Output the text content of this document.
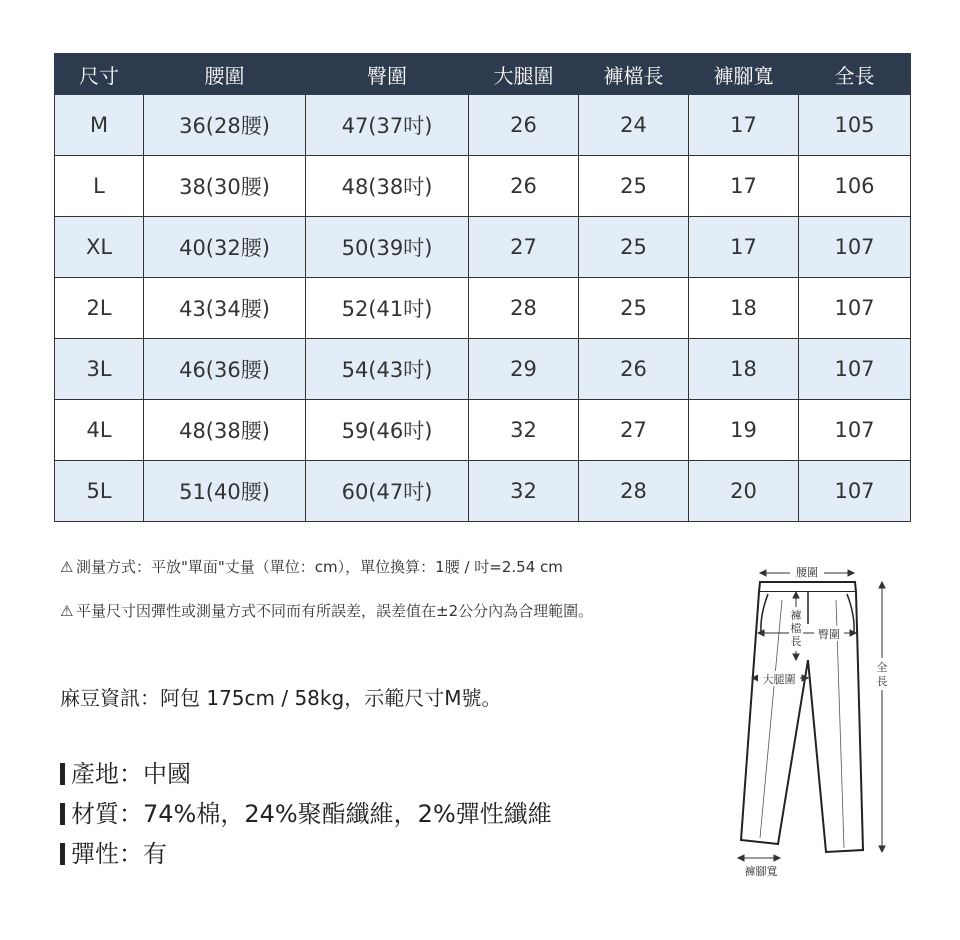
尺寸	腰圍	臀圍	大腿圍	褲檔長	褲腳寬	全長
M	36(28腰)	47(37吋)	26	24	17	105
L	38(30腰)	48(38吋)	26	25	17	106
XL	40(32腰)	50(39吋)	27	25	17	107
2L	43(34腰)	52(41吋)	28	25	18	107
3L	46(36腰)	54(43吋)	29	26	18	107
4L	48(38腰)	59(46吋)	32	27	19	107
5L	51(40腰)	60(47吋)	32	28	20	107
⚠ 測量方式：平放"單面"丈量（單位：cm），單位換算：1腰 / 吋=2.54 cm
⚠ 平量尺寸因彈性或測量方式不同而有所誤差，誤差值在±2公分內為合理範圍。
麻豆資訊：阿包 175cm / 58kg，示範尺寸M號。
產地：中國
材質：74%棉，24%聚酯纖維，2%彈性纖維
彈性：有
腰圍
褲
檔
長
臀圍
大腿圍
全
長
褲腳寬
